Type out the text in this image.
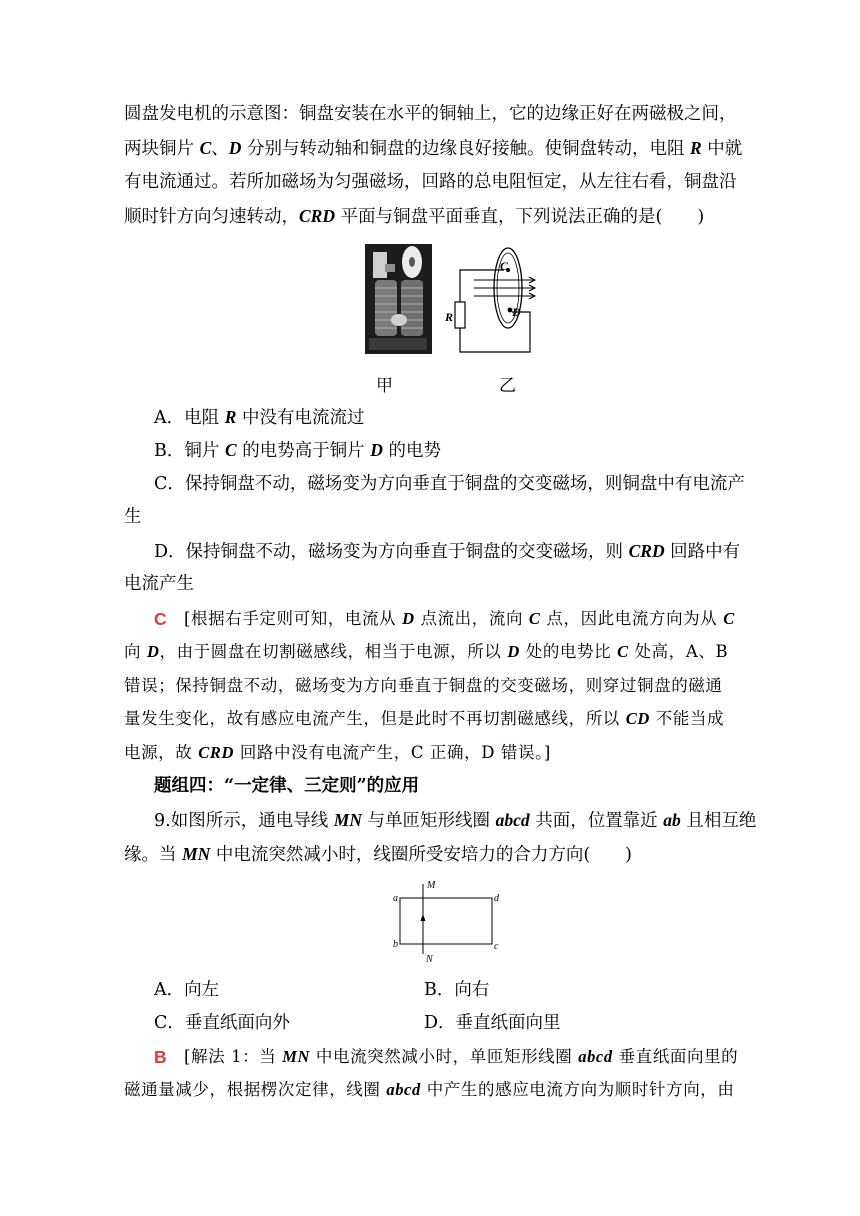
圆盘发电机的示意图：铜盘安装在水平的铜轴上，它的边缘正好在两磁极之间，
两块铜片 C、D 分别与转动轴和铜盘的边缘良好接触。使铜盘转动，电阻 R 中就
有电流通过。若所加磁场为匀强磁场，回路的总电阻恒定，从左往右看，铜盘沿
顺时针方向匀速转动，CRD 平面与铜盘平面垂直，下列说法正确的是(　　)
C
D
R
甲	乙
A．电阻 R 中没有电流流过
B．铜片 C 的电势高于铜片 D 的电势
C．保持铜盘不动，磁场变为方向垂直于铜盘的交变磁场，则铜盘中有电流产
生
D．保持铜盘不动，磁场变为方向垂直于铜盘的交变磁场，则 CRD 回路中有
电流产生
C [根据右手定则可知，电流从 D 点流出，流向 C 点，因此电流方向为从 C
向 D，由于圆盘在切割磁感线，相当于电源，所以 D 处的电势比 C 处高，A、B
错误；保持铜盘不动，磁场变为方向垂直于铜盘的交变磁场，则穿过铜盘的磁通
量发生变化，故有感应电流产生，但是此时不再切割磁感线，所以 CD 不能当成
电源，故 CRD 回路中没有电流产生，C 正确，D 错误。]
题组四：“一定律、三定则”的应用
9.如图所示，通电导线 MN 与单匝矩形线圈 abcd 共面，位置靠近 ab 且相互绝
缘。当 MN 中电流突然减小时，线圈所受安培力的合力方向(　　)
M
N
a
b	c
d
A．向左	B．向右
C．垂直纸面向外	D．垂直纸面向里
B [解法 1：当 MN 中电流突然减小时，单匝矩形线圈 abcd 垂直纸面向里的
磁通量减少，根据楞次定律，线圈 abcd 中产生的感应电流方向为顺时针方向，由
